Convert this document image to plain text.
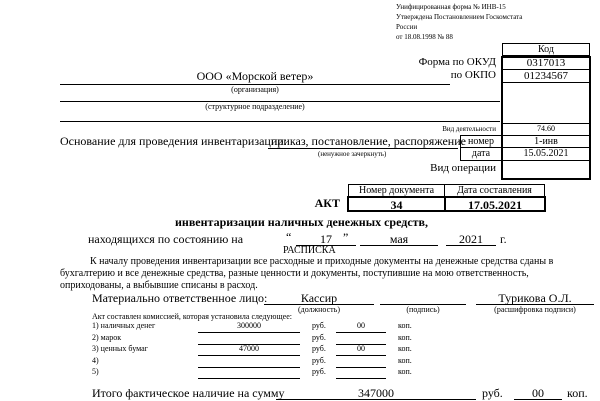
Унифицированная форма № ИНВ-15
Утверждена Постановлением Госкомстата
России
от 18.08.1998 № 88
Код
Форма по ОКУД	0317013
по ОКПО	01234567
Вид деятельности	74.60
номер	1-инв
дата	15.05.2021
Вид операции
ООО «Морской ветер»
(организация)
(структурное подразделение)
Основание для проведения инвентаризации:
приказ, постановление, распоряжение
(ненужное зачеркнуть)
АКТ
Номер документа	Дата составления
34	17.05.2021
инвентаризации наличных денежных средств,
находящихся по состоянию на	“	17 ”	мая	2021	г.
РАСПИСКА
К началу проведения инвентаризации все расходные и приходные документы на денежные средства сданы в
бухгалтерию и все денежные средства, разные ценности и документы, поступившие на мою ответственность,
оприходованы, а выбывшие списаны в расход.
Материально ответственное лицо:	Кассир
(должность)	(подпись)
Туриковa О.Л.
(расшифровка подписи)
Акт составлен комиссией, которая установила следующее:
1) наличных денег	300000	руб.	00	коп.
2) марок	руб.	коп.
3) ценных бумаг	47000	руб.	00	коп.
4)	руб.	коп.
5)	руб.	коп.
Итого фактическое наличие на сумму	347000	руб.	00	коп.
